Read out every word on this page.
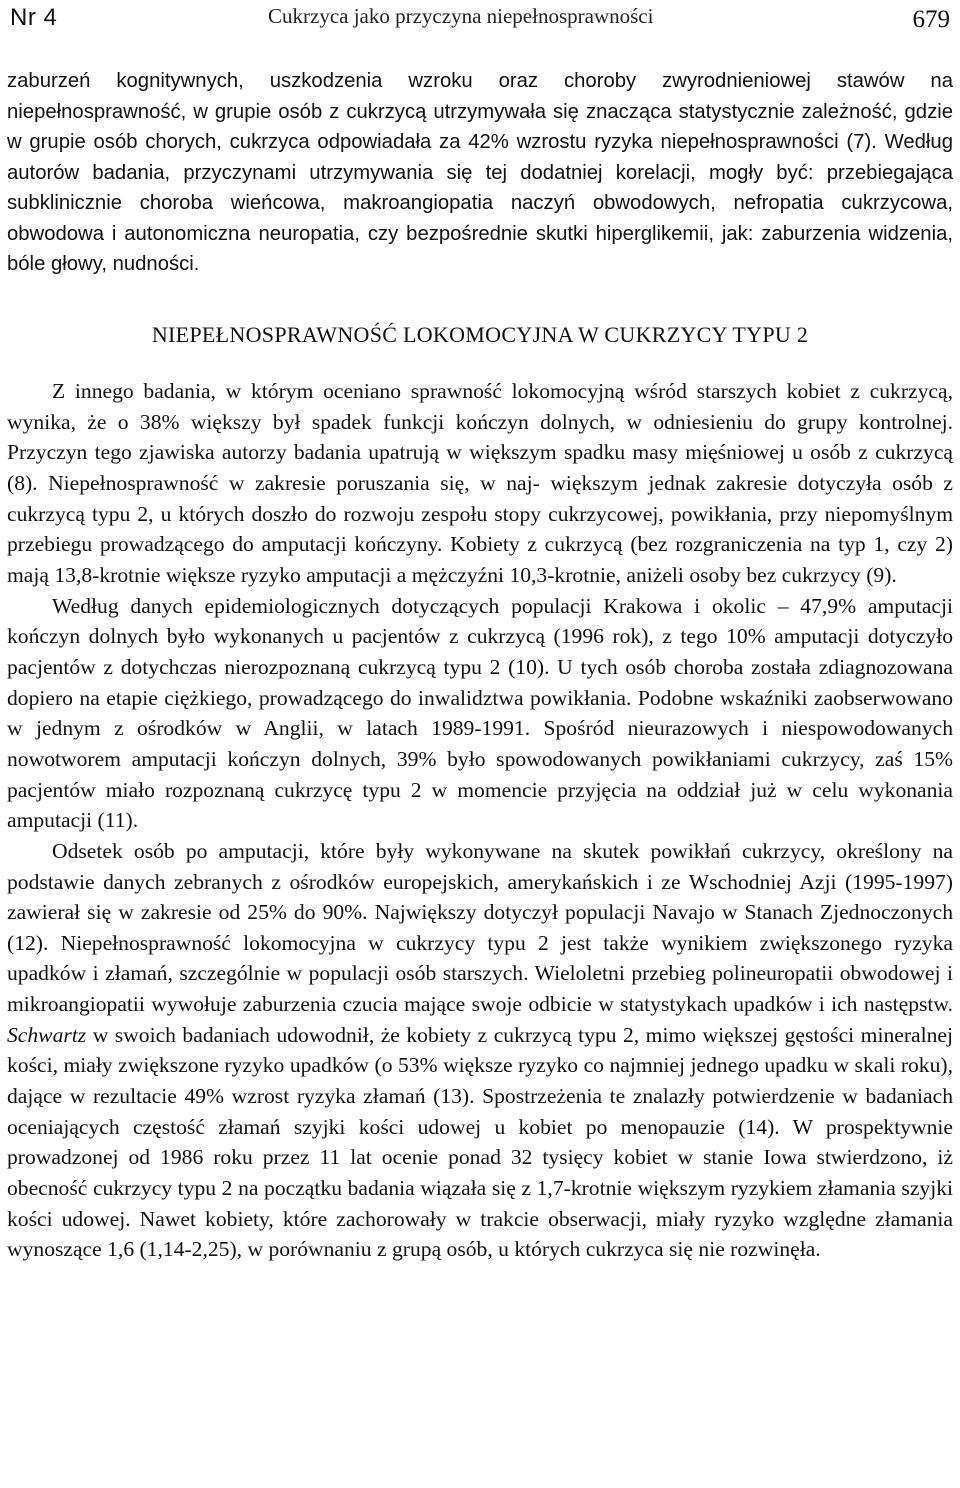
Nr 4	Cukrzyca jako przyczyna niepełnosprawności	679

zaburzeń kognitywnych, uszkodzenia wzroku oraz choroby zwyrodnieniowej stawów na niepełnosprawność, w grupie osób z cukrzycą utrzymywała się znacząca statystycznie zależność, gdzie w grupie osób chorych, cukrzyca odpowiadała za 42% wzrostu ryzyka niepełnosprawności (7). Według autorów badania, przyczynami utrzymywania się tej dodatniej korelacji, mogły być: przebiegająca subklinicznie choroba wieńcowa, makroangiopatia naczyń obwodowych, nefropatia cukrzycowa, obwodowa i autonomiczna neuropatia, czy bezpośrednie skutki hiperglikemii, jak: zaburzenia widzenia, bóle głowy, nudności.

NIEPEŁNOSPRAWNOŚĆ LOKOMOCYJNA W CUKRZYCY TYPU 2

Z innego badania, w którym oceniano sprawność lokomocyjną wśród starszych kobiet z cukrzycą, wynika, że o 38% większy był spadek funkcji kończyn dolnych, w odniesieniu do grupy kontrolnej. Przyczyn tego zjawiska autorzy badania upatrują w większym spadku masy mięśniowej u osób z cukrzycą (8). Niepełnosprawność w zakresie poruszania się, w naj- większym jednak zakresie dotyczyła osób z cukrzycą typu 2, u których doszło do rozwoju zespołu stopy cukrzycowej, powikłania, przy niepomyślnym przebiegu prowadzącego do amputacji kończyny. Kobiety z cukrzycą (bez rozgraniczenia na typ 1, czy 2) mają 13,8-krotnie większe ryzyko amputacji a mężczyźni 10,3-krotnie, aniżeli osoby bez cukrzycy (9).

Według danych epidemiologicznych dotyczących populacji Krakowa i okolic – 47,9% amputacji kończyn dolnych było wykonanych u pacjentów z cukrzycą (1996 rok), z tego 10% amputacji dotyczyło pacjentów z dotychczas nierozpoznaną cukrzycą typu 2 (10). U tych osób choroba została zdiagnozowana dopiero na etapie ciężkiego, prowadzącego do inwalidztwa powikłania. Podobne wskaźniki zaobserwowano w jednym z ośrodków w Anglii, w latach 1989-1991. Spośród nieurazowych i niespowodowanych nowotworem amputacji kończyn dolnych, 39% było spowodowanych powikłaniami cukrzycy, zaś 15% pacjentów miało rozpoznaną cukrzycę typu 2 w momencie przyjęcia na oddział już w celu wykonania amputacji (11).

Odsetek osób po amputacji, które były wykonywane na skutek powikłań cukrzycy, określony na podstawie danych zebranych z ośrodków europejskich, amerykańskich i ze Wschodniej Azji (1995-1997) zawierał się w zakresie od 25% do 90%. Największy dotyczył populacji Navajo w Stanach Zjednoczonych (12). Niepełnosprawność lokomocyjna w cukrzycy typu 2 jest także wynikiem zwiększonego ryzyka upadków i złamań, szczególnie w populacji osób starszych. Wieloletni przebieg polineuropatii obwodowej i mikroangiopatii wywołuje zaburzenia czucia mające swoje odbicie w statystykach upadków i ich następstw. Schwartz w swoich badaniach udowodnił, że kobiety z cukrzycą typu 2, mimo większej gęstości mineralnej kości, miały zwiększone ryzyko upadków (o 53% większe ryzyko co najmniej jednego upadku w skali roku), dające w rezultacie 49% wzrost ryzyka złamań (13). Spostrzeżenia te znalazły potwierdzenie w badaniach oceniających częstość złamań szyjki kości udowej u kobiet po menopauzie (14). W prospektywnie prowadzonej od 1986 roku przez 11 lat ocenie ponad 32 tysięcy kobiet w stanie Iowa stwierdzono, iż obecność cukrzycy typu 2 na początku badania wiązała się z 1,7-krotnie większym ryzykiem złamania szyjki kości udowej. Nawet kobiety, które zachorowały w trakcie obserwacji, miały ryzyko względne złamania wynoszące 1,6 (1,14-2,25), w porównaniu z grupą osób, u których cukrzyca się nie rozwinęła.
